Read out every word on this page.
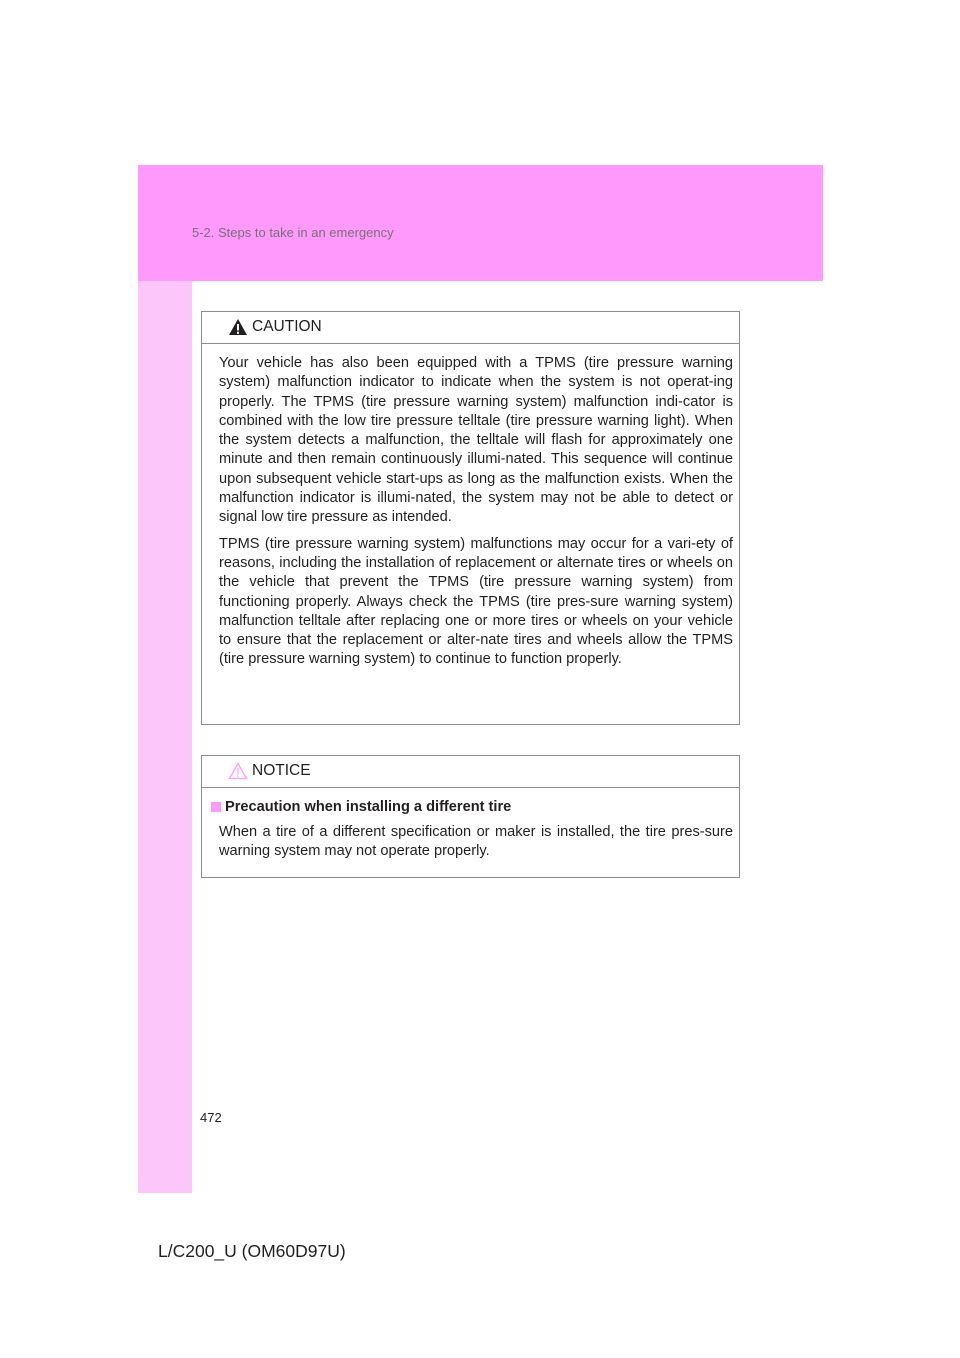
5-2. Steps to take in an emergency
CAUTION

Your vehicle has also been equipped with a TPMS (tire pressure warning system) malfunction indicator to indicate when the system is not operat-ing properly. The TPMS (tire pressure warning system) malfunction indi-cator is combined with the low tire pressure telltale (tire pressure warning light). When the system detects a malfunction, the telltale will flash for approximately one minute and then remain continuously illumi-nated. This sequence will continue upon subsequent vehicle start-ups as long as the malfunction exists. When the malfunction indicator is illumi-nated, the system may not be able to detect or signal low tire pressure as intended.

TPMS (tire pressure warning system) malfunctions may occur for a vari-ety of reasons, including the installation of replacement or alternate tires or wheels on the vehicle that prevent the TPMS (tire pressure warning system) from functioning properly. Always check the TPMS (tire pres-sure warning system) malfunction telltale after replacing one or more tires or wheels on your vehicle to ensure that the replacement or alter-nate tires and wheels allow the TPMS (tire pressure warning system) to continue to function properly.

NOTICE
Precaution when installing a different tire

When a tire of a different specification or maker is installed, the tire pres-sure warning system may not operate properly.

472
L/C200_U (OM60D97U)
